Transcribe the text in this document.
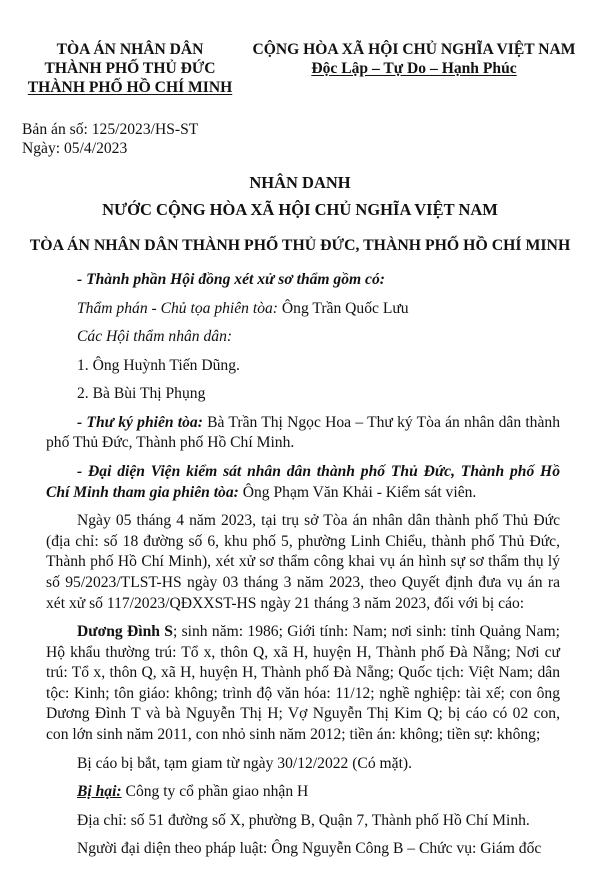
TÒA ÁN NHÂN DÂN
THÀNH PHỐ THỦ ĐỨC
THÀNH PHỐ HỒ CHÍ MINH
CỘNG HÒA XÃ HỘI CHỦ NGHĨA VIỆT NAM
Độc Lập – Tự Do – Hạnh Phúc
Bản án số: 125/2023/HS-ST
Ngày: 05/4/2023
NHÂN DANH
NƯỚC CỘNG HÒA XÃ HỘI CHỦ NGHĨA VIỆT NAM
TÒA ÁN NHÂN DÂN THÀNH PHỐ THỦ ĐỨC, THÀNH PHỐ HỒ CHÍ MINH

- Thành phần Hội đồng xét xử sơ thẩm gồm có:

Thẩm phán - Chủ tọa phiên tòa: Ông Trần Quốc Lưu

Các Hội thẩm nhân dân:

1. Ông Huỳnh Tiến Dũng.

2. Bà Bùi Thị Phụng

- Thư ký phiên tòa: Bà Trần Thị Ngọc Hoa – Thư ký Tòa án nhân dân thành phố Thủ Đức, Thành phố Hồ Chí Minh.

- Đại diện Viện kiểm sát nhân dân thành phố Thủ Đức, Thành phố Hồ Chí Minh tham gia phiên tòa: Ông Phạm Văn Khải - Kiểm sát viên.

Ngày 05 tháng 4 năm 2023, tại trụ sở Tòa án nhân dân thành phố Thủ Đức (địa chỉ: số 18 đường số 6, khu phố 5, phường Linh Chiểu, thành phố Thủ Đức, Thành phố Hồ Chí Minh), xét xử sơ thẩm công khai vụ án hình sự sơ thẩm thụ lý số 95/2023/TLST-HS ngày 03 tháng 3 năm 2023, theo Quyết định đưa vụ án ra xét xử số 117/2023/QĐXXST-HS ngày 21 tháng 3 năm 2023, đối với bị cáo:

Dương Đình S; sinh năm: 1986; Giới tính: Nam; nơi sinh: tỉnh Quảng Nam; Hộ khẩu thường trú: Tổ x, thôn Q, xã H, huyện H, Thành phố Đà Nẵng; Nơi cư trú: Tổ x, thôn Q, xã H, huyện H, Thành phố Đà Nẵng; Quốc tịch: Việt Nam; dân tộc: Kinh; tôn giáo: không; trình độ văn hóa: 11/12; nghề nghiệp: tài xế; con ông Dương Đình T và bà Nguyễn Thị H; Vợ Nguyễn Thị Kim Q; bị cáo có 02 con, con lớn sinh năm 2011, con nhỏ sinh năm 2012; tiền án: không; tiền sự: không;

Bị cáo bị bắt, tạm giam từ ngày 30/12/2022 (Có mặt).

Bị hại: Công ty cổ phần giao nhận H

Địa chỉ: số 51 đường số X, phường B, Quận 7, Thành phố Hồ Chí Minh.

Người đại diện theo pháp luật: Ông Nguyễn Công B – Chức vụ: Giám đốc
